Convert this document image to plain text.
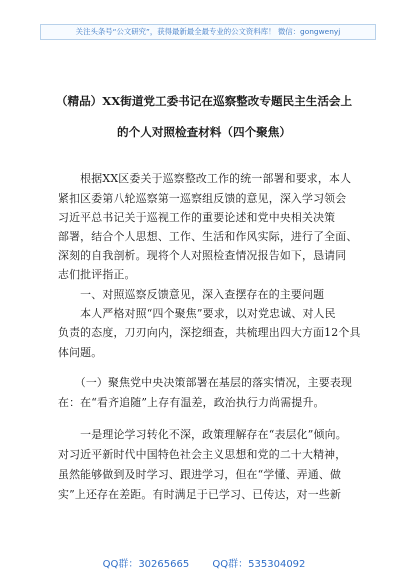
关注头条号“公文研究”，获得最新最全最专业的公文资料库！ 微信：gongwenyj
（精品）XX街道党工委书记在巡察整改专题民主生活会上
的个人对照检查材料（四个聚焦）
　　根据XX区委关于巡察整改工作的统一部署和要求，本人
紧扣区委第八轮巡察第一巡察组反馈的意见，深入学习领会
习近平总书记关于巡视工作的重要论述和党中央相关决策
部署，结合个人思想、工作、生活和作风实际，进行了全面、
深刻的自我剖析。现将个人对照检查情况报告如下，恳请同
志们批评指正。
　　一、对照巡察反馈意见，深入查摆存在的主要问题
　　本人严格对照“四个聚焦”要求，以对党忠诚、对人民
负责的态度，刀刃向内，深挖细查，共梳理出四大方面12个具
体问题。
　　（一）聚焦党中央决策部署在基层的落实情况，主要表现
在：在“看齐追随”上存有温差，政治执行力尚需提升。
　　一是理论学习转化不深，政策理解存在“表层化”倾向。
对习近平新时代中国特色社会主义思想和党的二十大精神，
虽然能够做到及时学习、跟进学习，但在“学懂、弄通、做
实”上还存在差距。有时满足于已学习、已传达，对一些新
QQ群：30265665 QQ群：535304092
